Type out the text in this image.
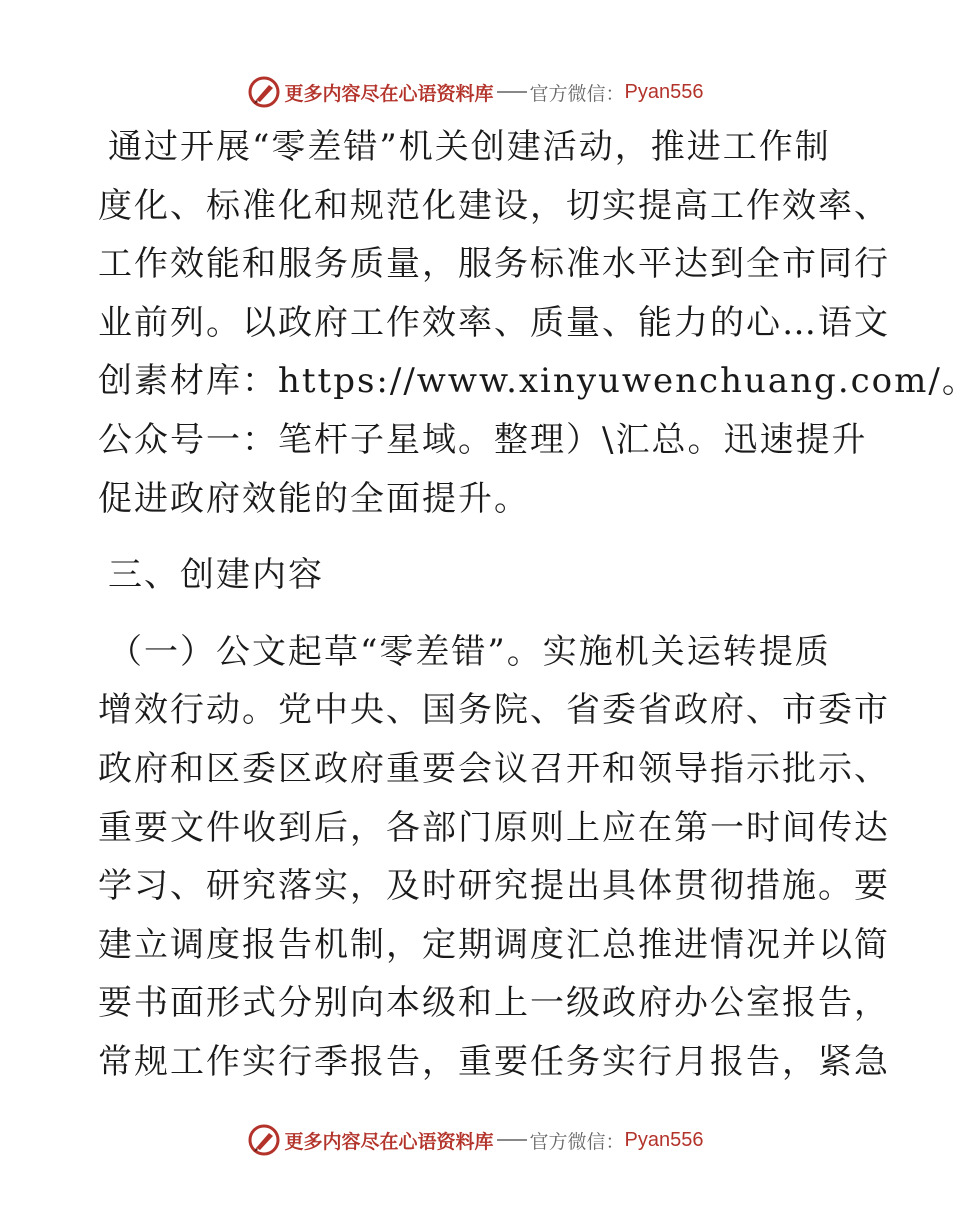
更多内容尽在心语资料库 官方微信： Pyan556
通过开展“零差错”机关创建活动，推进工作制
度化、标准化和规范化建设，切实提高工作效率、
工作效能和服务质量，服务标准水平达到全市同行
业前列。以政府工作效率、质量、能力的心…语文
创素材库：https://www.xinyuwenchuang.com/。
公众号一：笔杆子星域。整理）\汇总。迅速提升
促进政府效能的全面提升。
三、创建内容
（一）公文起草“零差错”。实施机关运转提质
增效行动。党中央、国务院、省委省政府、市委市
政府和区委区政府重要会议召开和领导指示批示、
重要文件收到后，各部门原则上应在第一时间传达
学习、研究落实，及时研究提出具体贯彻措施。要
建立调度报告机制，定期调度汇总推进情况并以简
要书面形式分别向本级和上一级政府办公室报告，
常规工作实行季报告，重要任务实行月报告，紧急
更多内容尽在心语资料库 官方微信： Pyan556
